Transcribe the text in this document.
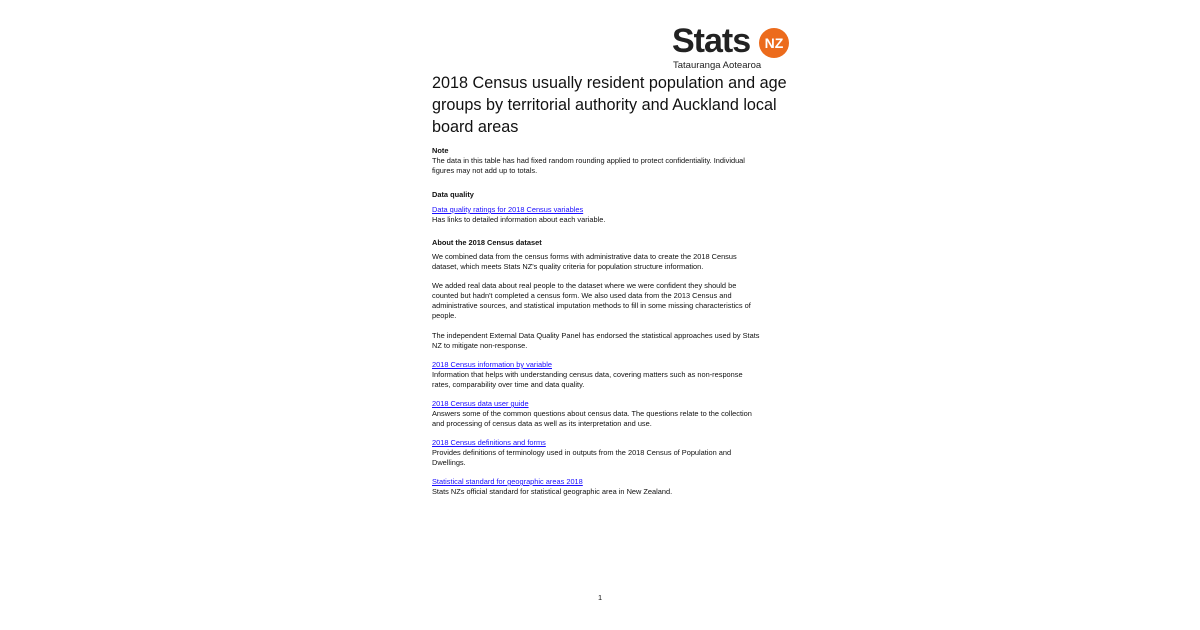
Stats	NZ
Tatauranga Aotearoa
2018 Census usually resident population and age
groups by territorial authority and Auckland local
board areas
Note
The data in this table has had fixed random rounding applied to protect confidentiality. Individual
figures may not add up to totals.
Data quality
Data quality ratings for 2018 Census variables
Has links to detailed information about each variable.
About the 2018 Census dataset
We combined data from the census forms with administrative data to create the 2018 Census
dataset, which meets Stats NZ's quality criteria for population structure information.
We added real data about real people to the dataset where we were confident they should be
counted but hadn't completed a census form. We also used data from the 2013 Census and
administrative sources, and statistical imputation methods to fill in some missing characteristics of
people.
The independent External Data Quality Panel has endorsed the statistical approaches used by Stats
NZ to mitigate non-response.
2018 Census information by variable
Information that helps with understanding census data, covering matters such as non-response
rates, comparability over time and data quality.
2018 Census data user guide
Answers some of the common questions about census data. The questions relate to the collection
and processing of census data as well as its interpretation and use.
2018 Census definitions and forms
Provides definitions of terminology used in outputs from the 2018 Census of Population and
Dwellings.
Statistical standard for geographic areas 2018
Stats NZs official standard for statistical geographic area in New Zealand.
1
